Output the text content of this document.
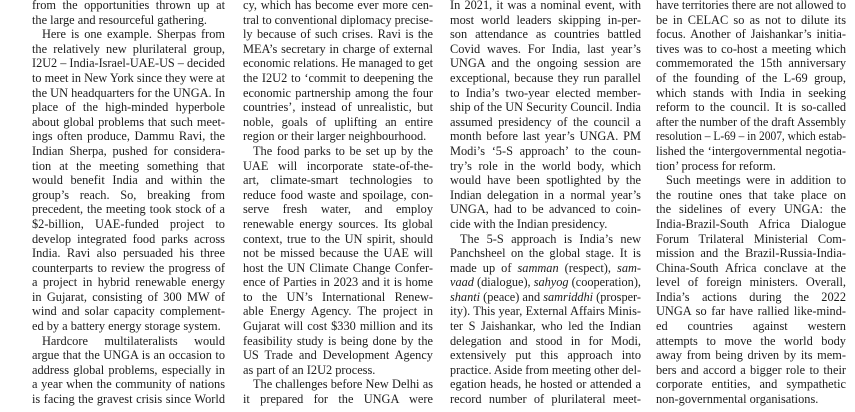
from the opportunities thrown up at
the large and resourceful gathering.
Here is one example. Sherpas from
the relatively new plurilateral group,
I2U2 – India-Israel-UAE-US – decided
to meet in New York since they were at
the UN headquarters for the UNGA. In
place of the high-minded hyperbole
about global problems that such meet-
ings often produce, Dammu Ravi, the
Indian Sherpa, pushed for considera-
tion at the meeting something that
would benefit India and within the
group’s reach. So, breaking from
precedent, the meeting took stock of a
$2-billion, UAE-funded project to
develop integrated food parks across
India. Ravi also persuaded his three
counterparts to review the progress of
a project in hybrid renewable energy
in Gujarat, consisting of 300 MW of
wind and solar capacity complement-
ed by a battery energy storage system.
Hardcore multilateralists would
argue that the UNGA is an occasion to
address global problems, especially in
a year when the community of nations
is facing the gravest crisis since World
cy, which has become ever more cen-
tral to conventional diplomacy precise-
ly because of such crises. Ravi is the
MEA’s secretary in charge of external
economic relations. He managed to get
the I2U2 to ‘commit to deepening the
economic partnership among the four
countries’, instead of unrealistic, but
noble, goals of uplifting an entire
region or their larger neighbourhood.
The food parks to be set up by the
UAE will incorporate state-of-the-
art, climate-smart technologies to
reduce food waste and spoilage, con-
serve fresh water, and employ
renewable energy sources. Its global
context, true to the UN spirit, should
not be missed because the UAE will
host the UN Climate Change Confer-
ence of Parties in 2023 and it is home
to the UN’s International Renew-
able Energy Agency. The project in
Gujarat will cost $330 million and its
feasibility study is being done by the
US Trade and Development Agency
as part of an I2U2 process.
The challenges before New Delhi as
it prepared for the UNGA were
In 2021, it was a nominal event, with
most world leaders skipping in-per-
son attendance as countries battled
Covid waves. For India, last year’s
UNGA and the ongoing session are
exceptional, because they run parallel
to India’s two-year elected member-
ship of the UN Security Council. India
assumed presidency of the council a
month before last year’s UNGA. PM
Modi’s ‘5-S approach’ to the coun-
try’s role in the world body, which
would have been spotlighted by the
Indian delegation in a normal year’s
UNGA, had to be advanced to coin-
cide with the Indian presidency.
The 5-S approach is India’s new
Panchsheel on the global stage. It is
made up of samman (respect), sam-
vaad (dialogue), sahyog (cooperation),
shanti (peace) and samriddhi (prosper-
ity). This year, External Affairs Minis-
ter S Jaishankar, who led the Indian
delegation and stood in for Modi,
extensively put this approach into
practice. Aside from meeting other del-
egation heads, he hosted or attended a
record number of plurilateral meet-
have territories there are not allowed to
be in CELAC so as not to dilute its
focus. Another of Jaishankar’s initia-
tives was to co-host a meeting which
commemorated the 15th anniversary
of the founding of the L-69 group,
which stands with India in seeking
reform to the council. It is so-called
after the number of the draft Assembly
resolution – L-69 – in 2007, which estab-
lished the ‘intergovernmental negotia-
tion’ process for reform.
Such meetings were in addition to
the routine ones that take place on
the sidelines of every UNGA: the
India-Brazil-South Africa Dialogue
Forum Trilateral Ministerial Com-
mission and the Brazil-Russia-India-
China-South Africa conclave at the
level of foreign ministers. Overall,
India’s actions during the 2022
UNGA so far have rallied like-mind-
ed countries against western
attempts to move the world body
away from being driven by its mem-
bers and accord a bigger role to their
corporate entities, and sympathetic
non-governmental organisations.
